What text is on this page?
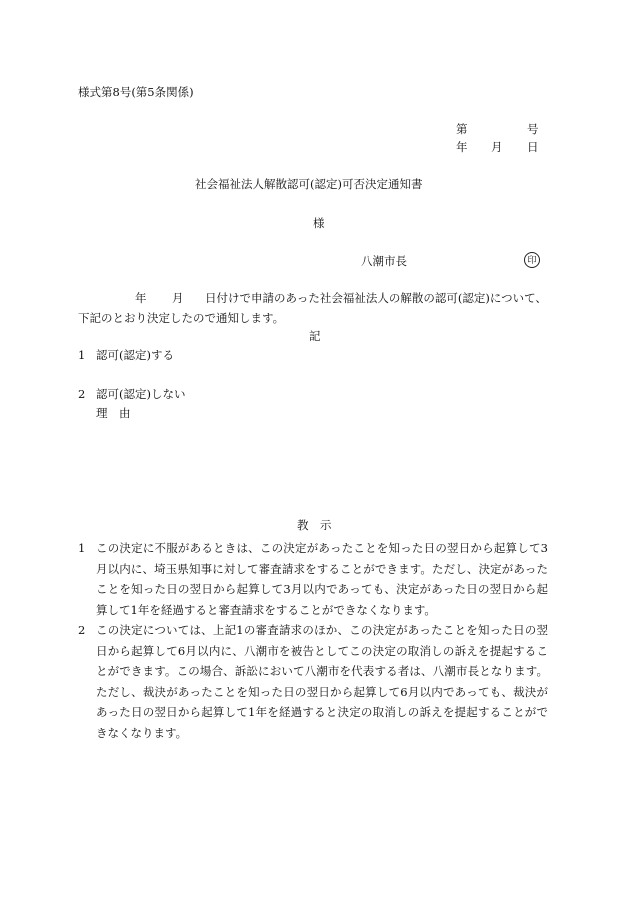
様式第8号(第5条関係)
第	号
年 月 日
社会福祉法人解散認可(認定)可否決定通知書
様
八潮市長	印
年 月 日付けで申請のあった社会福祉法人の解散の認可(認定)について、
下記のとおり決定したので通知します。
記
1 認可(認定)する
2 認可(認定)しない
理　由
教　示
1 この決定に不服があるときは、この決定があったことを知った日の翌日から起算して3月以内に、埼玉県知事に対して審査請求をすることができます。ただし、決定があったことを知った日の翌日から起算して3月以内であっても、決定があった日の翌日から起算して1年を経過すると審査請求をすることができなくなります。

2 この決定については、上記1の審査請求のほか、この決定があったことを知った日の翌日から起算して6月以内に、八潮市を被告としてこの決定の取消しの訴えを提起することができます。この場合、訴訟において八潮市を代表する者は、八潮市長となります。ただし、裁決があったことを知った日の翌日から起算して6月以内であっても、裁決があった日の翌日から起算して1年を経過すると決定の取消しの訴えを提起することができなくなります。
